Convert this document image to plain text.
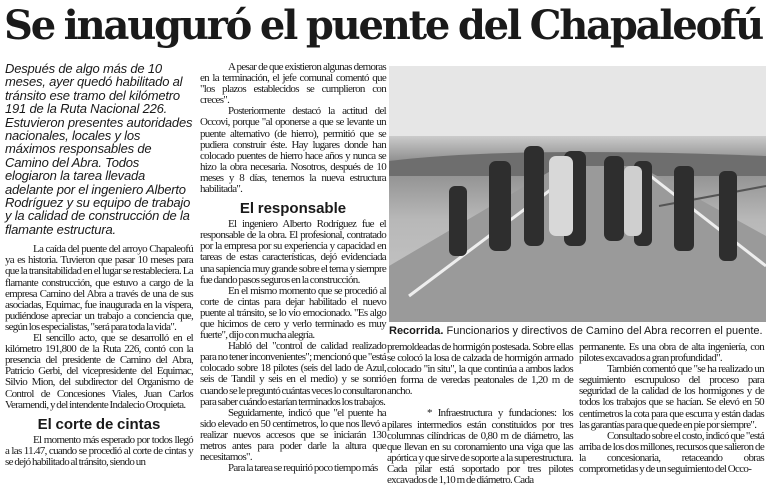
Se inauguró el puente del Chapaleofú

Después de algo más de 10 meses, ayer quedó habilitado al tránsito ese tramo del kilómetro 191 de la Ruta Nacional 226. Estuvieron presentes autoridades nacionales, locales y los máximos responsables de Camino del Abra. Todos elogiaron la tarea llevada adelante por el ingeniero Alberto Rodríguez y su equipo de trabajo y la calidad de construcción de la flamante estructura.

La caída del puente del arroyo Chapaleofú ya es historia. Tuvieron que pasar 10 meses para que la transitabilidad en el lugar se restableciera. La flamante construcción, que estuvo a cargo de la empresa Camino del Abra a través de una de sus asociadas, Equimac, fue inaugurada en la víspera, pudiéndose apreciar un trabajo a conciencia que, según los especialistas, "será para toda la vida".

El sencillo acto, que se desarrolló en el kilómetro 191,800 de la Ruta 226, contó con la presencia del presidente de Camino del Abra, Patricio Gerbi, del vicepresidente del Equimac, Silvio Mion, del subdirector del Organismo de Control de Concesiones Viales, Juan Carlos Veramendi, y del intendente Indalecio Oroquieta.

El corte de cintas

El momento más esperado por todos llegó a las 11.47, cuando se procedió al corte de cintas y se dejó habilitado al tránsito, siendo un

A pesar de que existieron algunas demoras en la terminación, el jefe comunal comentó que "los plazos establecidos se cumplieron con creces".

Posteriormente destacó la actitud del Occovi, porque "al oponerse a que se levante un puente alternativo (de hierro), permitió que se pudiera construir éste. Hay lugares donde han colocado puentes de hierro hace años y nunca se hizo la obra necesaria. Nosotros, después de 10 meses y 8 días, tenemos la nueva estructura habilitada".

El responsable

El ingeniero Alberto Rodríguez fue el responsable de la obra. El profesional, contratado por la empresa por su experiencia y capacidad en tareas de estas características, dejó evidenciada una sapiencia muy grande sobre el tema y siempre fue dando pasos seguros en la construcción.

En el mismo momento que se procedió al corte de cintas para dejar habilitado el nuevo puente al tránsito, se lo vio emocionado. "Es algo que hicimos de cero y verlo terminado es muy fuerte", dijo con mucha alegría.

Habló del "control de calidad realizado para no tener inconvenientes"; mencionó que "está colocado sobre 18 pilotes (seis del lado de Azul, seis de Tandil y seis en el medio) y se sonrió cuando se le preguntó cuántas veces lo consultaron para saber cuándo estarían terminados los trabajos.

Seguidamente, indicó que "el puente ha sido elevado en 50 centímetros, lo que nos llevó a realizar nuevos accesos que se iniciarán 130 metros antes para poder darle la altura que necesitamos".

Para la tarea se requirió poco tiempo más

Recorrida. Funcionarios y directivos de Camino del Abra recorren el puente.

premoldeadas de hormigón postesada. Sobre ellas se colocó la losa de calzada de hormigón armado colocado "in situ", la que continúa a ambos lados en forma de veredas peatonales de 1,20 m de ancho.

* Infraestructura y fundaciones: los pilares intermedios están constituidos por tres columnas cilíndricas de 0,80 m de diámetro, las que llevan en su coronamiento una viga que las apórtica y que sirve de soporte a la superestructura. Cada pilar está soportado por tres pilotes excavados de 1,10 m de diámetro. Cada

permanente. Es una obra de alta ingeniería, con pilotes excavados a gran profundidad".

También comentó que "se ha realizado un seguimiento escrupuloso del proceso para seguridad de la calidad de los hormigones y de todos los trabajos que se hacían. Se elevó en 50 centímetros la cota para que escurra y están dadas las garantías para que quede en pie por siempre".

Consultado sobre el costo, indicó que "está arriba de los dos millones, recursos que salieron de la concesionaria, retaceando obras comprometidas y de un seguimiento del Occo-
